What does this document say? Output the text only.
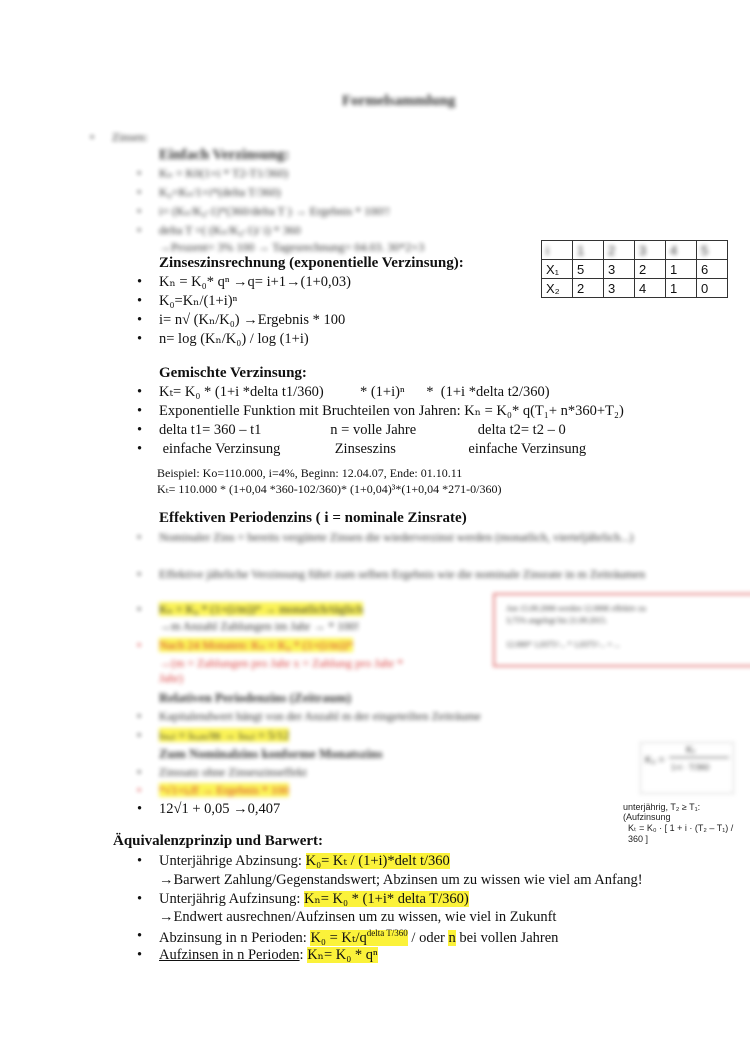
Formelsammlung
• Zinsen:
Einfach Verzinsung:
• Kₙ = K0(1+i * T2-T1/360)
• K₀=Kₙ/1+i*(delta T/360)
• i= (Kₙ/K₀-1)*(360/delta T ) → Ergebnis * 100!!
• delta T =( (Kₙ/K₀-1)/ i) * 360
→Prozent= 3% 100 → Tagesrechnung= 04.03. 30*2+3	i	1	2	3	4	5
X₁	5	3	2	1	6
X₂	2	3	4	1	0
Zinseszinsrechnung (exponentielle Verzinsung):
• Kₙ = K₀* qⁿ →q= i+1→(1+0,03)
• K₀=Kₙ/(1+i)ⁿ
• i= n√ (Kₙ/K₀) →Ergebnis * 100
• n= log (Kₙ/K₀) / log (1+i)
Gemischte Verzinsung:
• Kₜ= K₀ * (1+i *delta t1/360)          * (1+i)ⁿ      *  (1+i *delta t2/360)
• Exponentielle Funktion mit Bruchteilen von Jahren: Kₙ = K₀* q(T₁+ n*360+T₂)
• delta t1= 360 – t1                   n = volle Jahre                 delta t2= t2 – 0
•  einfache Verzinsung               Zinseszins                    einfache Verzinsung
Beispiel: Ko=110.000, i=4%, Beginn: 12.04.07, Ende: 01.10.11
Kₜ= 110.000 * (1+0,04 *360-102/360)* (1+0,04)³*(1+0,04 *271-0/360)
Effektiven Periodenzins ( i = nominale Zinsrate)
• Nominaler Zins = bereits vergütete Zinsen die wiederverzinst werden (monatlich, vierteljährlich...)
• Effektive jährliche Verzinsung führt zum selben Ergebnis wie die nominale Zinsrate in m Zeiträumen
• Kₙ = K₀ * (1+(i/m))ᵐ → monatlich/täglich
→m Anzahl Zahlungen im Jahr → * 100!
• Nach 24 Monaten: Kₙ = K₀ * (1+(i/m))ᵐ
→(m = Zahlungen pro Jahr x = Zahlung pro Jahr *
Jahr)
Relativen Periodenzins (Zeitraum)
• Kapitalendwert hängt von der Anzahl m der eingeteilten Zeiträume
• iₘₑₗ = iₙₒₘ/m → iₘₑₗ = 5/12
Zum Nominalzins konforme Monatszins
• Zinssatz ohne Zinseszinseffekt
• ᵐ√1+iₑff → Ergebnis * 100
Am 15.09.2006 werden 12.000€ effektiv zu
3,75% angelegt bis 21.09.2015.
12.000* 1,0375^... * 1,0375^... = ...
• 12√1 + 0,05 →0,407
K₀ =
Kₜ
1+i · T/360
unterjährig, T₂ ≥ T₁: (Aufzinsung
Kₜ = K₀ · [ 1 + i · (T₂ – T₁) / 360 ]
Äquivalenzprinzip und Barwert:
• Unterjährige Abzinsung: K₀= Kₜ / (1+i)*delt t/360
→Barwert Zahlung/Gegenstandswert; Abzinsen um zu wissen wie viel am Anfang!
• Unterjährig Aufzinsung: Kₙ= K₀ * (1+i* delta T/360)
→Endwert ausrechnen/Aufzinsen um zu wissen, wie viel in Zukunft
• Abzinsung in n Perioden: $K_0 = K_t/q^{delta T/360}$ / oder n bei vollen Jahren
• Aufzinsen in n Perioden: Kₙ= K₀ * qⁿ
